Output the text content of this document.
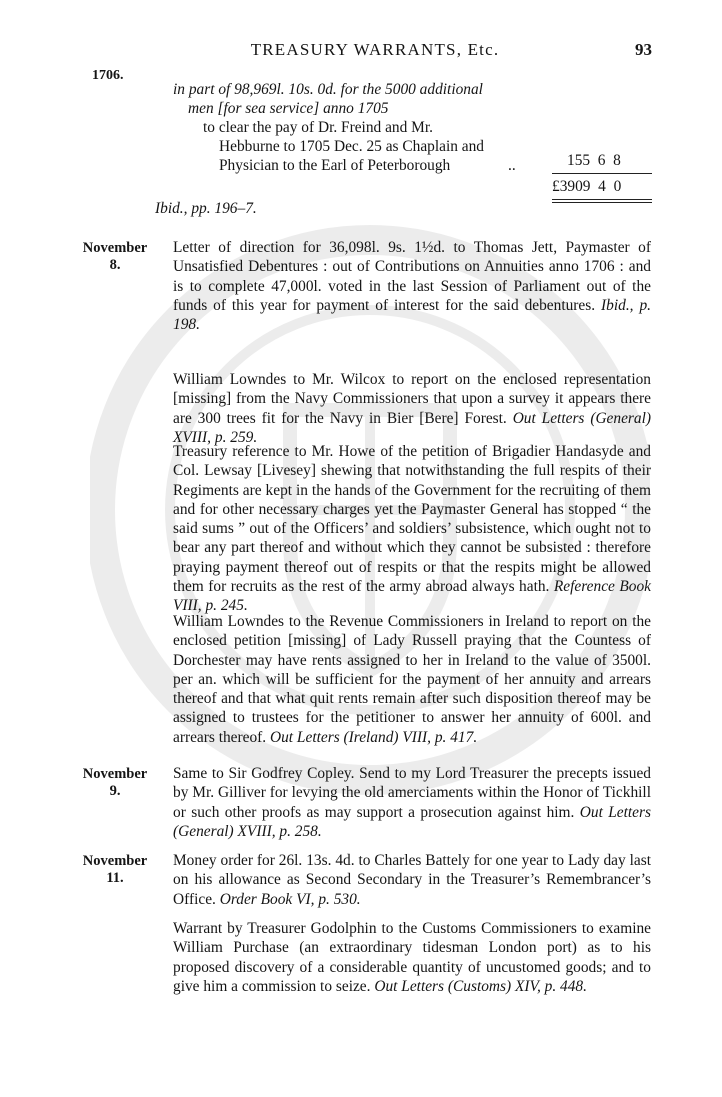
TREASURY WARRANTS, Etc.	93
1706.
in part of 98,969l. 10s. 0d. for the 5000 additional
men [for sea service] anno 1705
to clear the pay of Dr. Freind and Mr.
Hebburne to 1705 Dec. 25 as Chaplain and
Physician to the Earl of Peterborough	..	155  6  8
£3909  4  0
Ibid., pp. 196–7.
November
8.
Letter of direction for 36,098l. 9s. 1½d. to Thomas Jett, Paymaster of Unsatisfied Debentures : out of Contributions on Annuities anno 1706 : and is to complete 47,000l. voted in the last Session of Parliament out of the funds of this year for payment of interest for the said debentures. Ibid., p. 198.
William Lowndes to Mr. Wilcox to report on the enclosed representation [missing] from the Navy Commissioners that upon a survey it appears there are 300 trees fit for the Navy in Bier [Bere] Forest. Out Letters (General) XVIII, p. 259.
Treasury reference to Mr. Howe of the petition of Brigadier Handasyde and Col. Lewsay [Livesey] shewing that notwithstanding the full respits of their Regiments are kept in the hands of the Government for the recruiting of them and for other necessary charges yet the Paymaster General has stopped “ the said sums ” out of the Officers’ and soldiers’ subsistence, which ought not to bear any part thereof and without which they cannot be subsisted : therefore praying payment thereof out of respits or that the respits might be allowed them for recruits as the rest of the army abroad always hath. Reference Book VIII, p. 245.
William Lowndes to the Revenue Commissioners in Ireland to report on the enclosed petition [missing] of Lady Russell praying that the Countess of Dorchester may have rents assigned to her in Ireland to the value of 3500l. per an. which will be sufficient for the payment of her annuity and arrears thereof and that what quit rents remain after such disposition thereof may be assigned to trustees for the petitioner to answer her annuity of 600l. and arrears thereof. Out Letters (Ireland) VIII, p. 417.
November
9.
Same to Sir Godfrey Copley. Send to my Lord Treasurer the precepts issued by Mr. Gilliver for levying the old amerciaments within the Honor of Tickhill or such other proofs as may support a prosecution against him. Out Letters (General) XVIII, p. 258.
November
11.
Money order for 26l. 13s. 4d. to Charles Battely for one year to Lady day last on his allowance as Second Secondary in the Treasurer’s Remembrancer’s Office. Order Book VI, p. 530.
Warrant by Treasurer Godolphin to the Customs Commissioners to examine William Purchase (an extraordinary tidesman London port) as to his proposed discovery of a considerable quantity of uncustomed goods; and to give him a commission to seize. Out Letters (Customs) XIV, p. 448.
